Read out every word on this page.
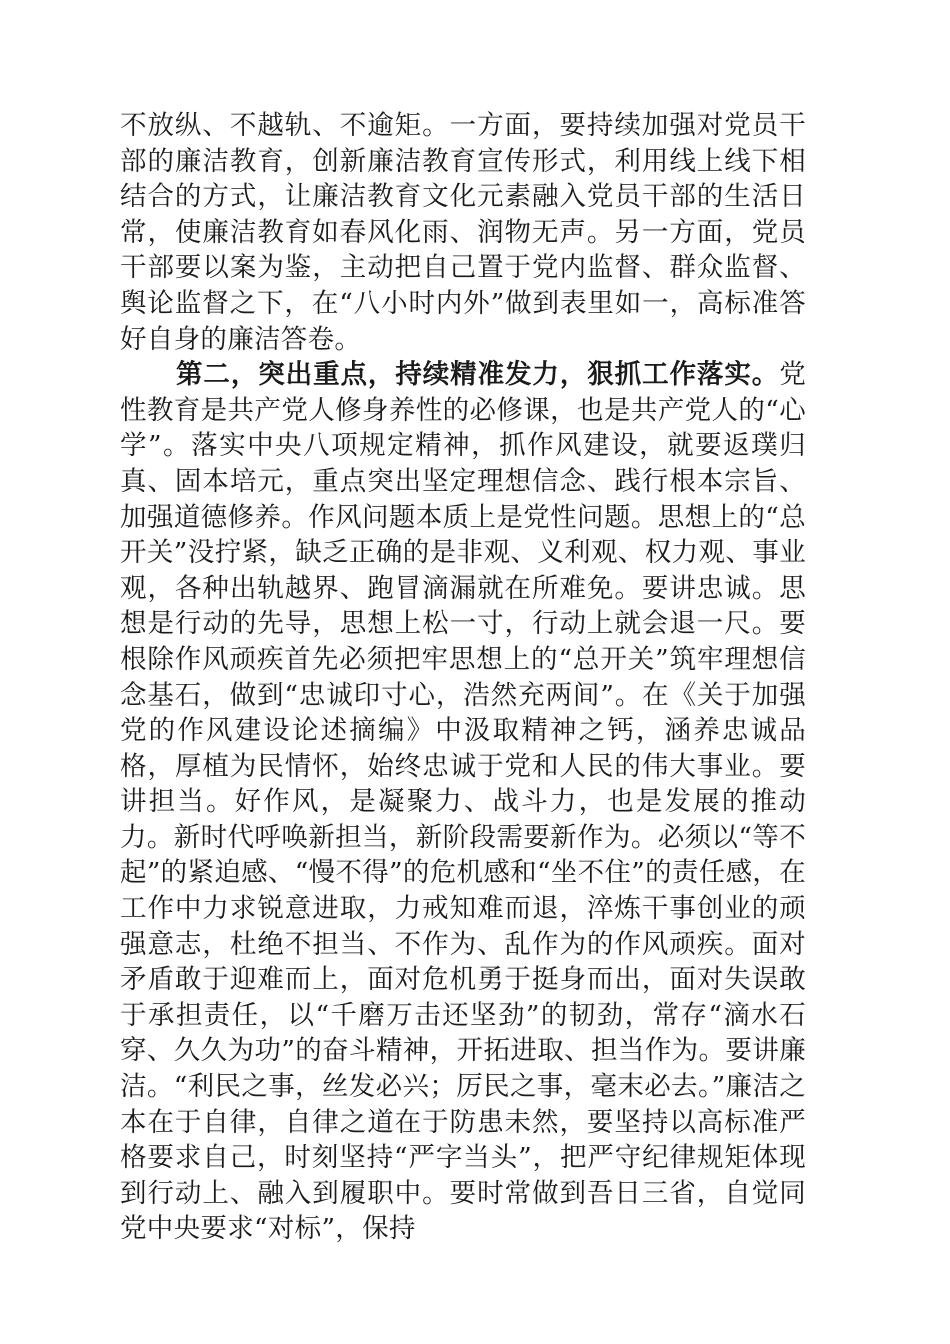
不放纵、不越轨、不逾矩。一方面，要持续加强对党员干部的廉洁教育，创新廉洁教育宣传形式，利用线上线下相结合的方式，让廉洁教育文化元素融入党员干部的生活日常，使廉洁教育如春风化雨、润物无声。另一方面，党员干部要以案为鉴，主动把自己置于党内监督、群众监督、舆论监督之下，在“八小时内外”做到表里如一，高标准答好自身的廉洁答卷。

第二，突出重点，持续精准发力，狠抓工作落实。党性教育是共产党人修身养性的必修课，也是共产党人的“心学”。落实中央八项规定精神，抓作风建设，就要返璞归真、固本培元，重点突出坚定理想信念、践行根本宗旨、加强道德修养。作风问题本质上是党性问题。思想上的“总开关”没拧紧，缺乏正确的是非观、义利观、权力观、事业观，各种出轨越界、跑冒滴漏就在所难免。要讲忠诚。思想是行动的先导，思想上松一寸，行动上就会退一尺。要根除作风顽疾首先必须把牢思想上的“总开关”筑牢理想信念基石，做到“忠诚印寸心，浩然充两间”。在《关于加强党的作风建设论述摘编》中汲取精神之钙，涵养忠诚品格，厚植为民情怀，始终忠诚于党和人民的伟大事业。要讲担当。好作风，是凝聚力、战斗力，也是发展的推动力。新时代呼唤新担当，新阶段需要新作为。必须以“等不起”的紧迫感、“慢不得”的危机感和“坐不住”的责任感，在工作中力求锐意进取，力戒知难而退，淬炼干事创业的顽强意志，杜绝不担当、不作为、乱作为的作风顽疾。面对矛盾敢于迎难而上，面对危机勇于挺身而出，面对失误敢于承担责任，以“千磨万击还坚劲”的韧劲，常存“滴水石穿、久久为功”的奋斗精神，开拓进取、担当作为。要讲廉洁。“利民之事，丝发必兴；厉民之事，毫末必去。”廉洁之本在于自律，自律之道在于防患未然，要坚持以高标准严格要求自己，时刻坚持“严字当头”，把严守纪律规矩体现到行动上、融入到履职中。要时常做到吾日三省，自觉同党中央要求“对标”，保持
